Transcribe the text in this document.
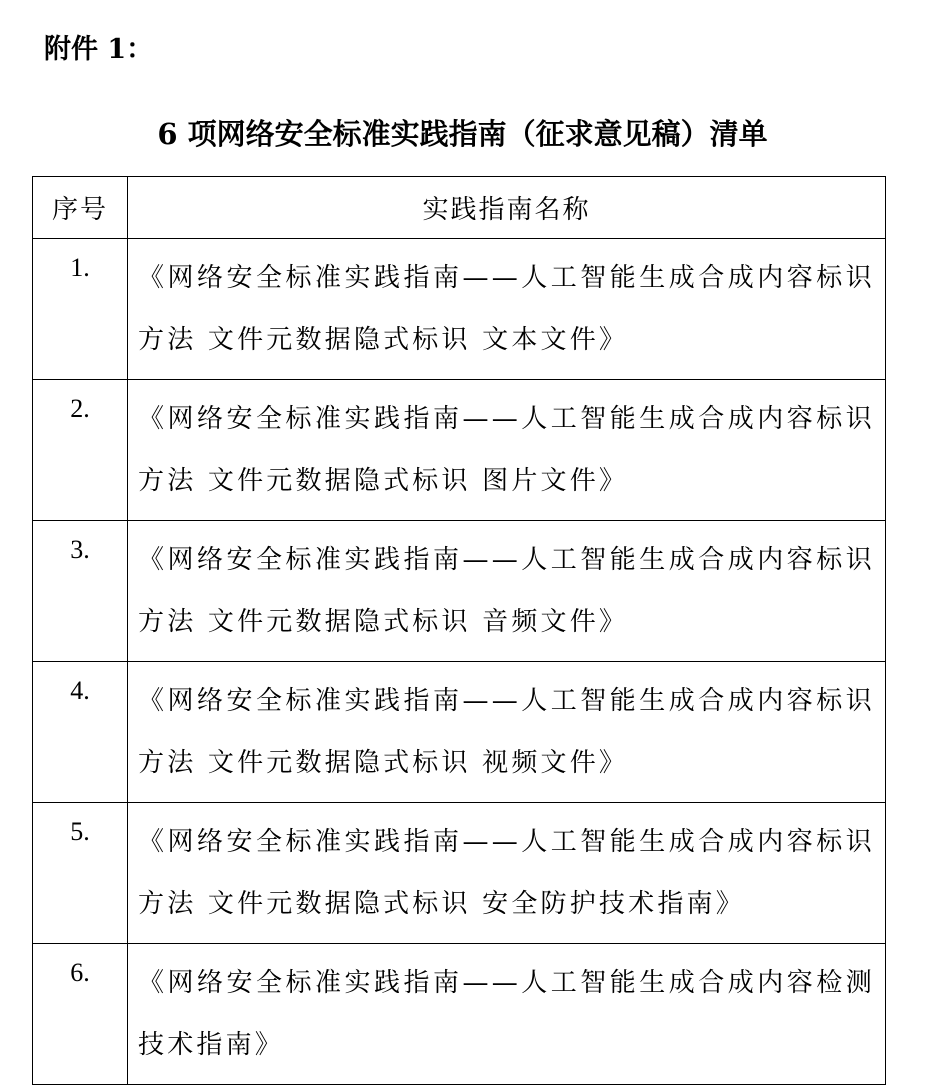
附件 1：
6 项网络安全标准实践指南（征求意见稿）清单
序号	实践指南名称
1.	《网络安全标准实践指南——人工智能生成合成内容标识方法 文件元数据隐式标识 文本文件》
2.	《网络安全标准实践指南——人工智能生成合成内容标识方法 文件元数据隐式标识 图片文件》
3.	《网络安全标准实践指南——人工智能生成合成内容标识方法 文件元数据隐式标识 音频文件》
4.	《网络安全标准实践指南——人工智能生成合成内容标识方法 文件元数据隐式标识 视频文件》
5.	《网络安全标准实践指南——人工智能生成合成内容标识方法 文件元数据隐式标识 安全防护技术指南》
6.	《网络安全标准实践指南——人工智能生成合成内容检测技术指南》
